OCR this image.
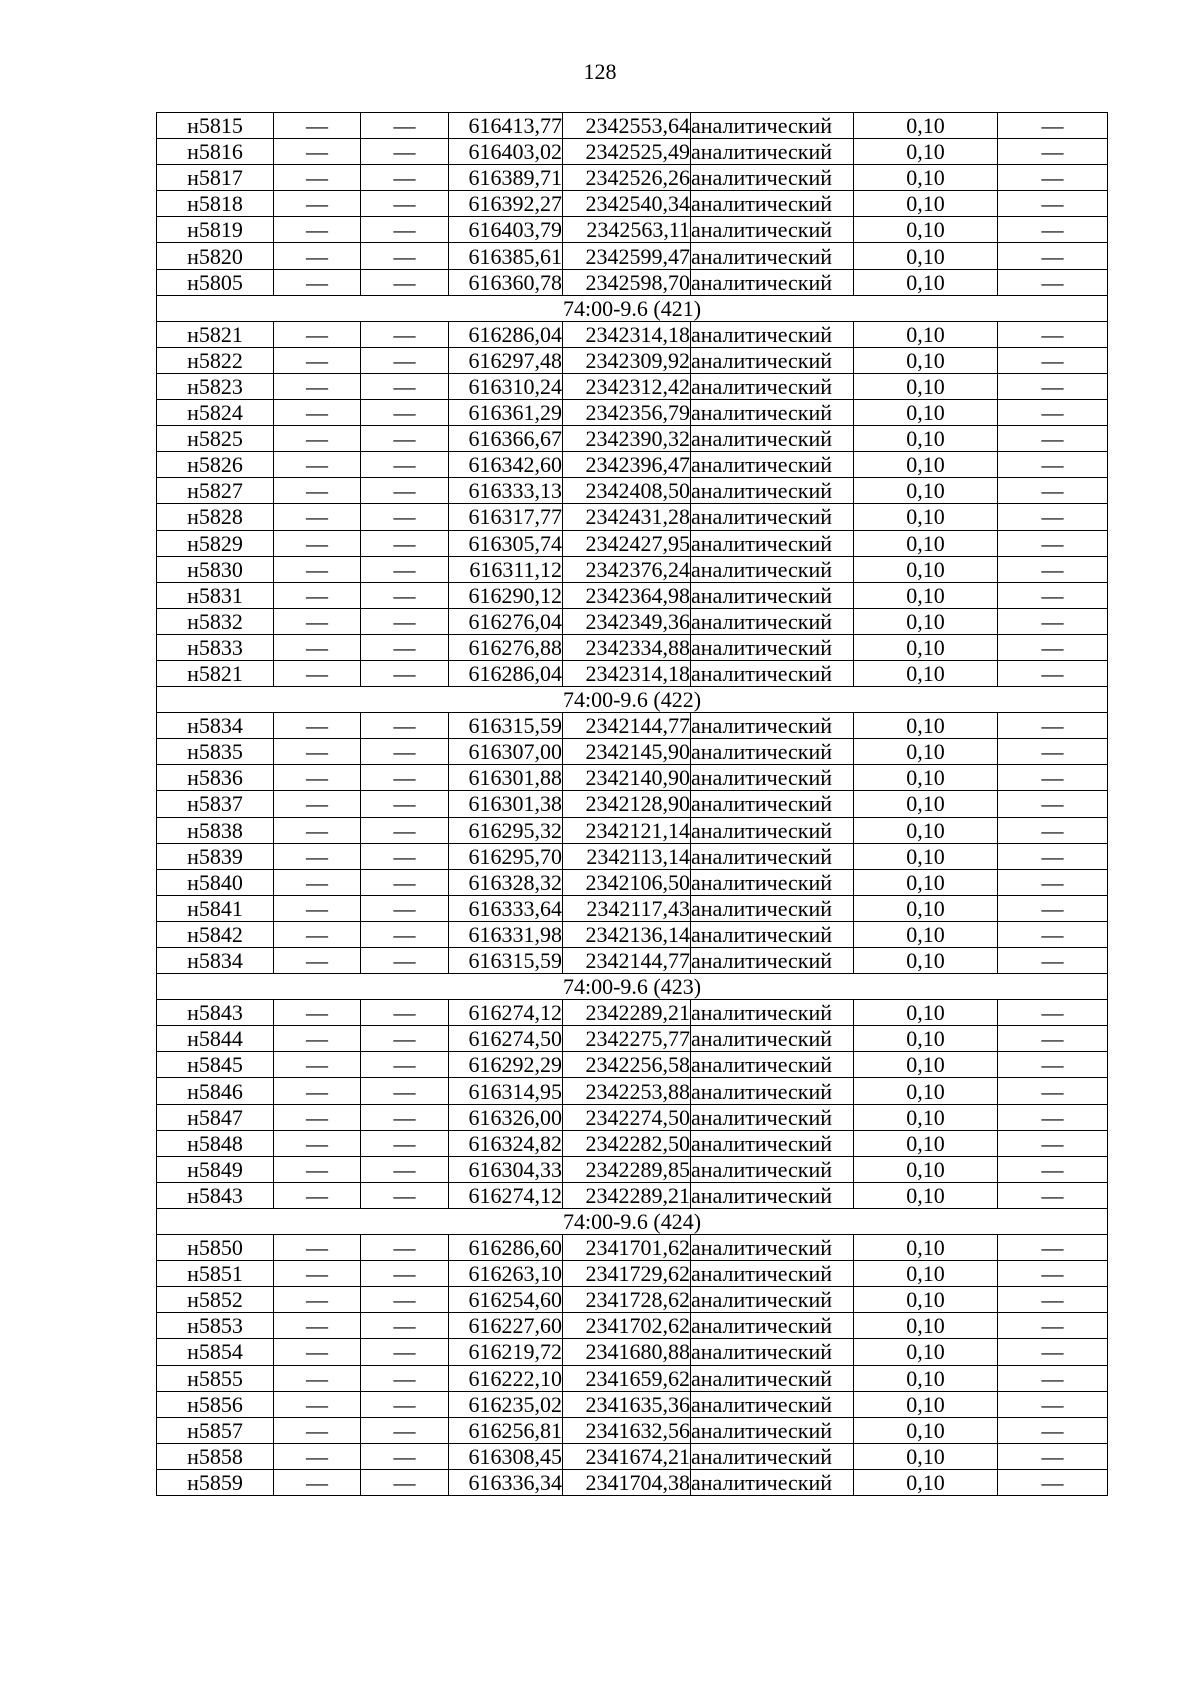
128
н5815	—	—	616413,77	2342553,64	аналитический	0,10	—
н5816	—	—	616403,02	2342525,49	аналитический	0,10	—
н5817	—	—	616389,71	2342526,26	аналитический	0,10	—
н5818	—	—	616392,27	2342540,34	аналитический	0,10	—
н5819	—	—	616403,79	2342563,11	аналитический	0,10	—
н5820	—	—	616385,61	2342599,47	аналитический	0,10	—
н5805	—	—	616360,78	2342598,70	аналитический	0,10	—
74:00-9.6 (421)							
н5821	—	—	616286,04	2342314,18	аналитический	0,10	—
н5822	—	—	616297,48	2342309,92	аналитический	0,10	—
н5823	—	—	616310,24	2342312,42	аналитический	0,10	—
н5824	—	—	616361,29	2342356,79	аналитический	0,10	—
н5825	—	—	616366,67	2342390,32	аналитический	0,10	—
н5826	—	—	616342,60	2342396,47	аналитический	0,10	—
н5827	—	—	616333,13	2342408,50	аналитический	0,10	—
н5828	—	—	616317,77	2342431,28	аналитический	0,10	—
н5829	—	—	616305,74	2342427,95	аналитический	0,10	—
н5830	—	—	616311,12	2342376,24	аналитический	0,10	—
н5831	—	—	616290,12	2342364,98	аналитический	0,10	—
н5832	—	—	616276,04	2342349,36	аналитический	0,10	—
н5833	—	—	616276,88	2342334,88	аналитический	0,10	—
н5821	—	—	616286,04	2342314,18	аналитический	0,10	—
74:00-9.6 (422)							
н5834	—	—	616315,59	2342144,77	аналитический	0,10	—
н5835	—	—	616307,00	2342145,90	аналитический	0,10	—
н5836	—	—	616301,88	2342140,90	аналитический	0,10	—
н5837	—	—	616301,38	2342128,90	аналитический	0,10	—
н5838	—	—	616295,32	2342121,14	аналитический	0,10	—
н5839	—	—	616295,70	2342113,14	аналитический	0,10	—
н5840	—	—	616328,32	2342106,50	аналитический	0,10	—
н5841	—	—	616333,64	2342117,43	аналитический	0,10	—
н5842	—	—	616331,98	2342136,14	аналитический	0,10	—
н5834	—	—	616315,59	2342144,77	аналитический	0,10	—
74:00-9.6 (423)							
н5843	—	—	616274,12	2342289,21	аналитический	0,10	—
н5844	—	—	616274,50	2342275,77	аналитический	0,10	—
н5845	—	—	616292,29	2342256,58	аналитический	0,10	—
н5846	—	—	616314,95	2342253,88	аналитический	0,10	—
н5847	—	—	616326,00	2342274,50	аналитический	0,10	—
н5848	—	—	616324,82	2342282,50	аналитический	0,10	—
н5849	—	—	616304,33	2342289,85	аналитический	0,10	—
н5843	—	—	616274,12	2342289,21	аналитический	0,10	—
74:00-9.6 (424)							
н5850	—	—	616286,60	2341701,62	аналитический	0,10	—
н5851	—	—	616263,10	2341729,62	аналитический	0,10	—
н5852	—	—	616254,60	2341728,62	аналитический	0,10	—
н5853	—	—	616227,60	2341702,62	аналитический	0,10	—
н5854	—	—	616219,72	2341680,88	аналитический	0,10	—
н5855	—	—	616222,10	2341659,62	аналитический	0,10	—
н5856	—	—	616235,02	2341635,36	аналитический	0,10	—
н5857	—	—	616256,81	2341632,56	аналитический	0,10	—
н5858	—	—	616308,45	2341674,21	аналитический	0,10	—
н5859	—	—	616336,34	2341704,38	аналитический	0,10	—
